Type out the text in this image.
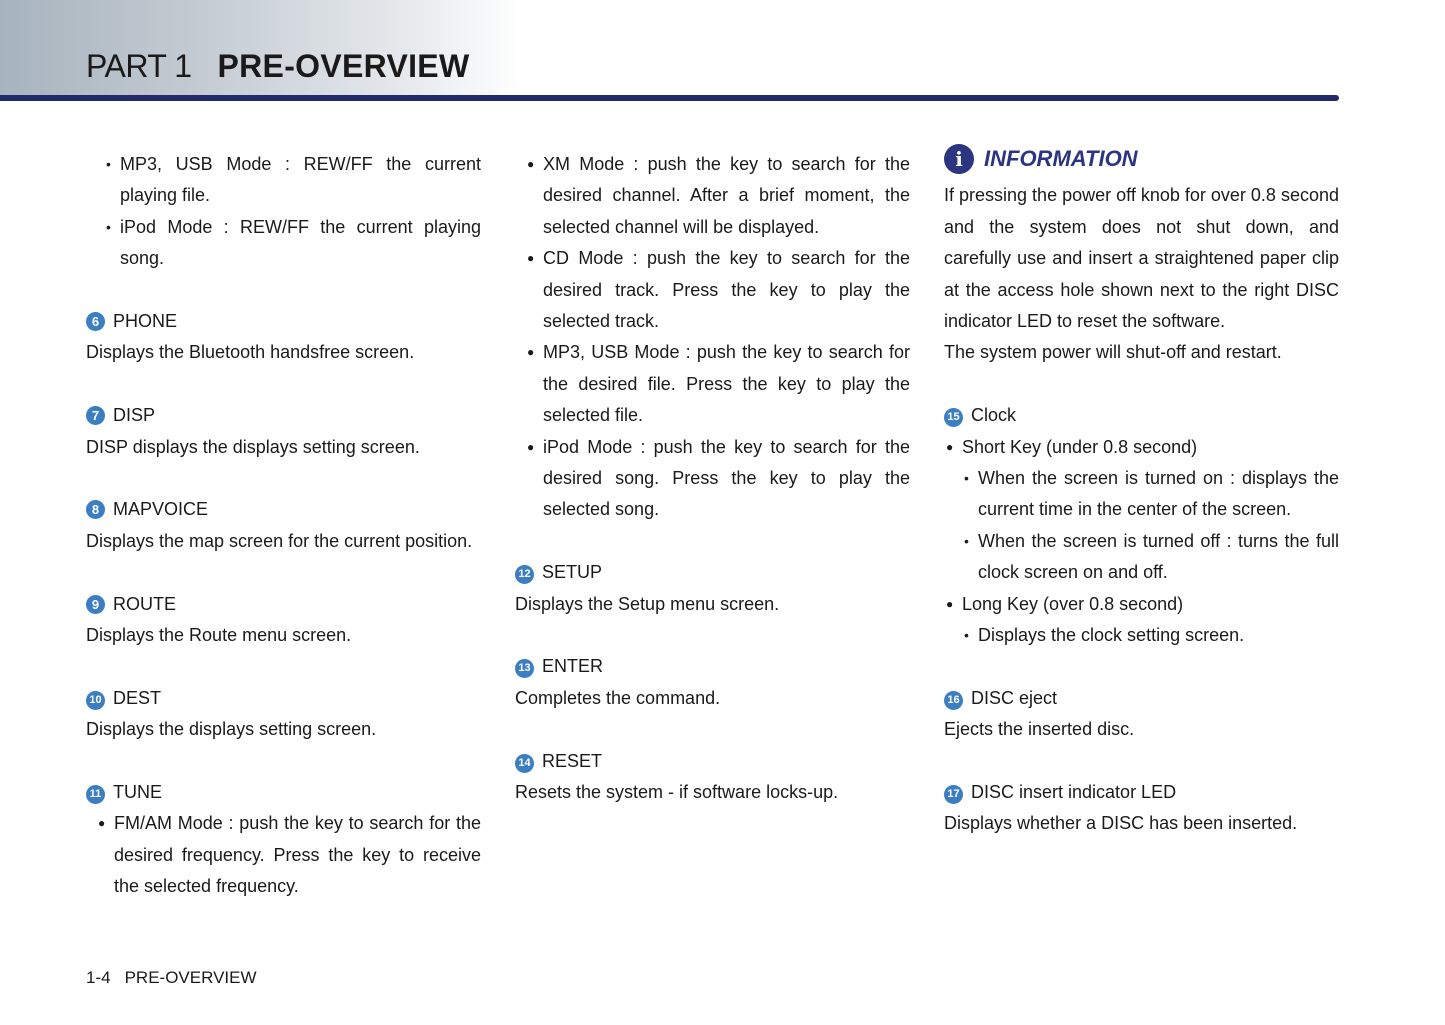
PART 1 PRE-OVERVIEW
• MP3, USB Mode : REW/FF the current playing file.
• iPod Mode : REW/FF the current playing song.
6 PHONE

Displays the Bluetooth handsfree screen.

7 DISP

DISP displays the displays setting screen.

8 MAPVOICE

Displays the map screen for the current position.

9 ROUTE

Displays the Route menu screen.

10 DEST

Displays the displays setting screen.

11 TUNE
● FM/AM Mode : push the key to search for the desired frequency. Press the key to receive the selected frequency.
● XM Mode : push the key to search for the desired channel. After a brief moment, the selected channel will be displayed.
● CD Mode : push the key to search for the desired track. Press the key to play the selected track.
● MP3, USB Mode : push the key to search for the desired file. Press the key to play the selected file.
● iPod Mode : push the key to search for the desired song. Press the key to play the selected song.
12 SETUP

Displays the Setup menu screen.

13 ENTER

Completes the command.

14 RESET

Resets the system - if software locks-up.

i INFORMATION

If pressing the power off knob for over 0.8 second and the system does not shut down, and carefully use and insert a straightened paper clip at the access hole shown next to the right DISC indicator LED to reset the software.

The system power will shut-off and restart.

15 Clock
● Short Key (under 0.8 second)
• When the screen is turned on : displays the current time in the center of the screen.
• When the screen is turned off : turns the full clock screen on and off.
● Long Key (over 0.8 second)
• Displays the clock setting screen.
16 DISC eject

Ejects the inserted disc.

17 DISC insert indicator LED

Displays whether a DISC has been inserted.

1-4 PRE-OVERVIEW
